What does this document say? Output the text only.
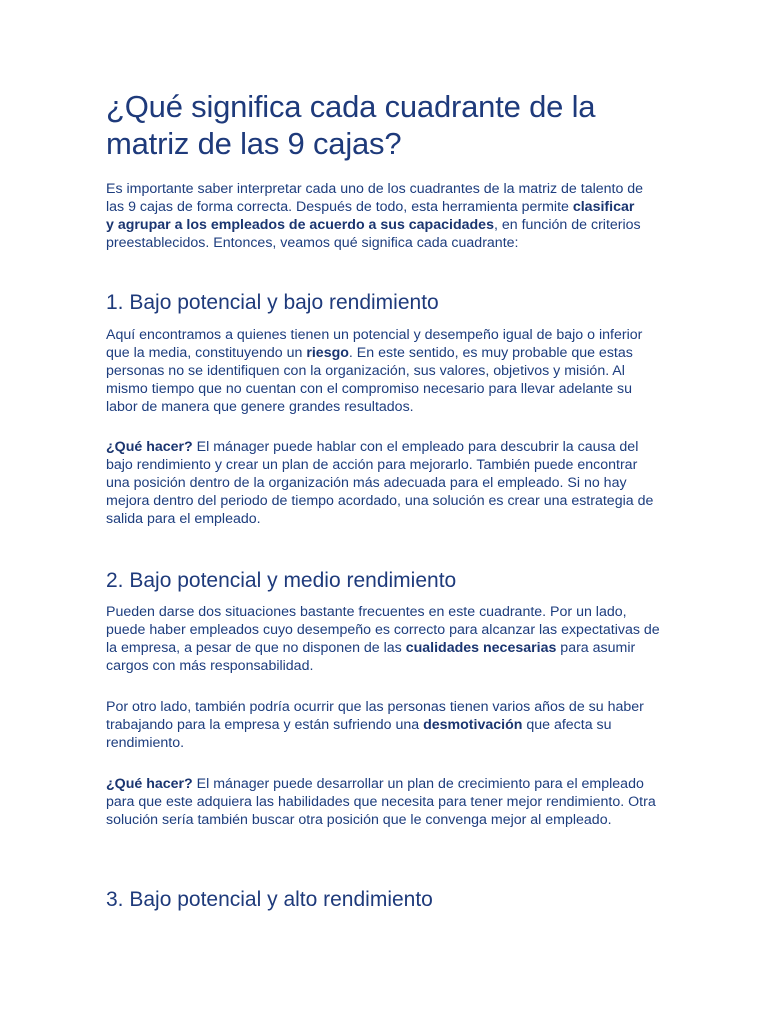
¿Qué significa cada cuadrante de la matriz de las 9 cajas?

Es importante saber interpretar cada uno de los cuadrantes de la matriz de talento de las 9 cajas de forma correcta. Después de todo, esta herramienta permite clasificar y agrupar a los empleados de acuerdo a sus capacidades, en función de criterios preestablecidos. Entonces, veamos qué significa cada cuadrante:

1. Bajo potencial y bajo rendimiento

Aquí encontramos a quienes tienen un potencial y desempeño igual de bajo o inferior que la media, constituyendo un riesgo. En este sentido, es muy probable que estas personas no se identifiquen con la organización, sus valores, objetivos y misión. Al mismo tiempo que no cuentan con el compromiso necesario para llevar adelante su labor de manera que genere grandes resultados.

¿Qué hacer? El mánager puede hablar con el empleado para descubrir la causa del bajo rendimiento y crear un plan de acción para mejorarlo. También puede encontrar una posición dentro de la organización más adecuada para el empleado. Si no hay mejora dentro del periodo de tiempo acordado, una solución es crear una estrategia de salida para el empleado.

2. Bajo potencial y medio rendimiento

Pueden darse dos situaciones bastante frecuentes en este cuadrante. Por un lado, puede haber empleados cuyo desempeño es correcto para alcanzar las expectativas de la empresa, a pesar de que no disponen de las cualidades necesarias para asumir cargos con más responsabilidad.

Por otro lado, también podría ocurrir que las personas tienen varios años de su haber trabajando para la empresa y están sufriendo una desmotivación que afecta su rendimiento.

¿Qué hacer? El mánager puede desarrollar un plan de crecimiento para el empleado para que este adquiera las habilidades que necesita para tener mejor rendimiento. Otra solución sería también buscar otra posición que le convenga mejor al empleado.

3. Bajo potencial y alto rendimiento
